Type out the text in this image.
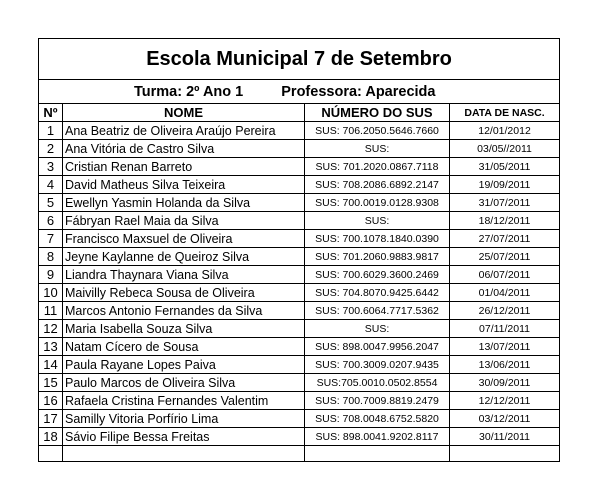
Escola Municipal 7 de Setembro			
Turma: 2º Ano 1 Professora: Aparecida			
Nº	NOME	NÚMERO DO SUS	DATA DE NASC.
1	Ana Beatriz de Oliveira Araújo Pereira	SUS: 706.2050.5646.7660	12/01/2012
2	Ana Vitória de Castro Silva	SUS:	03/05//2011
3	Cristian Renan Barreto	SUS: 701.2020.0867.7118	31/05/2011
4	David Matheus Silva Teixeira	SUS: 708.2086.6892.2147	19/09/2011
5	Ewellyn Yasmin Holanda da Silva	SUS: 700.0019.0128.9308	31/07/2011
6	Fábryan Rael Maia da Silva	SUS:	18/12/2011
7	Francisco Maxsuel de Oliveira	SUS: 700.1078.1840.0390	27/07/2011
8	Jeyne Kaylanne de Queiroz Silva	SUS: 701.2060.9883.9817	25/07/2011
9	Liandra Thaynara Viana Silva	SUS: 700.6029.3600.2469	06/07/2011
10	Maivilly Rebeca Sousa de Oliveira	SUS: 704.8070.9425.6442	01/04/2011
11	Marcos Antonio Fernandes da Silva	SUS: 700.6064.7717.5362	26/12/2011
12	Maria Isabella Souza Silva	SUS:	07/11/2011
13	Natam Cícero de Sousa	SUS: 898.0047.9956.2047	13/07/2011
14	Paula Rayane Lopes Paiva	SUS: 700.3009.0207.9435	13/06/2011
15	Paulo Marcos de Oliveira Silva	SUS:705.0010.0502.8554	30/09/2011
16	Rafaela Cristina Fernandes Valentim	SUS: 700.7009.8819.2479	12/12/2011
17	Samilly Vitoria Porfírio Lima	SUS: 708.0048.6752.5820	03/12/2011
18	Sávio Filipe Bessa Freitas	SUS: 898.0041.9202.8117	30/11/2011
